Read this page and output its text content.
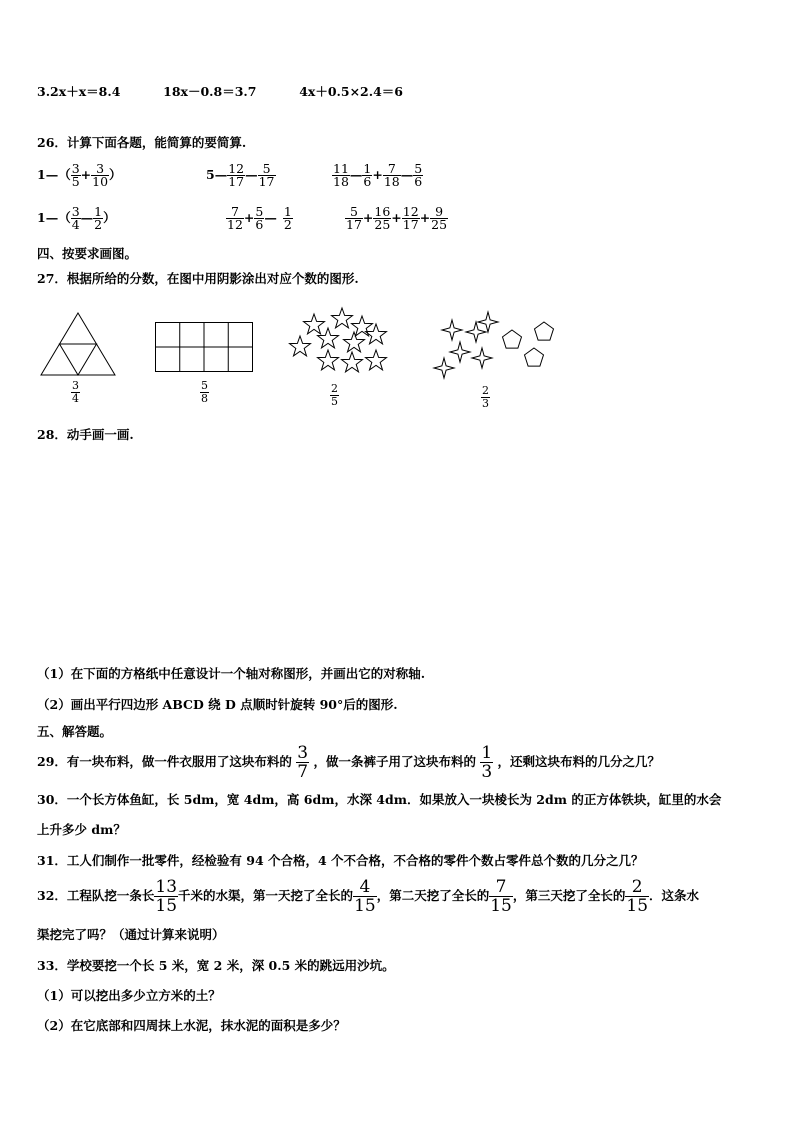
3.2x＋x＝8.4	18x－0.8＝3.7	4x＋0.5×2.4＝6
26．计算下面各题，能简算的要简算.
1—（ $\frac{3}{5} + \frac{3}{10}$ ）	5— $\frac{12}{17}$ — $\frac{5}{17}$	$\frac{11}{18}$ — $\frac{1}{6} + \frac{7}{18}$ — $\frac{5}{6}$
1—（ $\frac{3}{4}$ — $\frac{1}{2}$ ）	$\frac{7}{12} + \frac{5}{6}$ — $\frac{1}{2}$	$\frac{5}{17} + \frac{16}{25} + \frac{12}{17} + \frac{9}{25}$
四、按要求画图。
27．根据所给的分数，在图中用阴影涂出对应个数的图形.
$\frac{3}{4}$	$\frac{5}{8}$	$\frac{2}{5}$	$\frac{2}{3}$
28．动手画一画.
（1）在下面的方格纸中任意设计一个轴对称图形，并画出它的对称轴.
（2）画出平行四边形 ABCD 绕 D 点顺时针旋转 90°后的图形.
五、解答题。
29．有一块布料，做一件衣服用了这块布料的 $\frac{3}{7}$ ，做一条裤子用了这块布料的 $\frac{1}{3}$ ，还剩这块布料的几分之几？
30．一个长方体鱼缸，长 5dm，宽 4dm，高 6dm，水深 4dm．如果放入一块棱长为 2dm 的正方体铁块，缸里的水会
上升多少 dm？
31．工人们制作一批零件，经检验有 94 个合格，4 个不合格，不合格的零件个数占零件总个数的几分之几？
32．工程队挖一条长 $\frac{13}{15}$ 千米的水渠，第一天挖了全长的 $\frac{4}{15}$ ，第二天挖了全长的 $\frac{7}{15}$ ，第三天挖了全长的 $\frac{2}{15}$ ．这条水
渠挖完了吗？（通过计算来说明）
33．学校要挖一个长 5 米，宽 2 米，深 0.5 米的跳远用沙坑。
（1）可以挖出多少立方米的土？
（2）在它底部和四周抹上水泥，抹水泥的面积是多少？
